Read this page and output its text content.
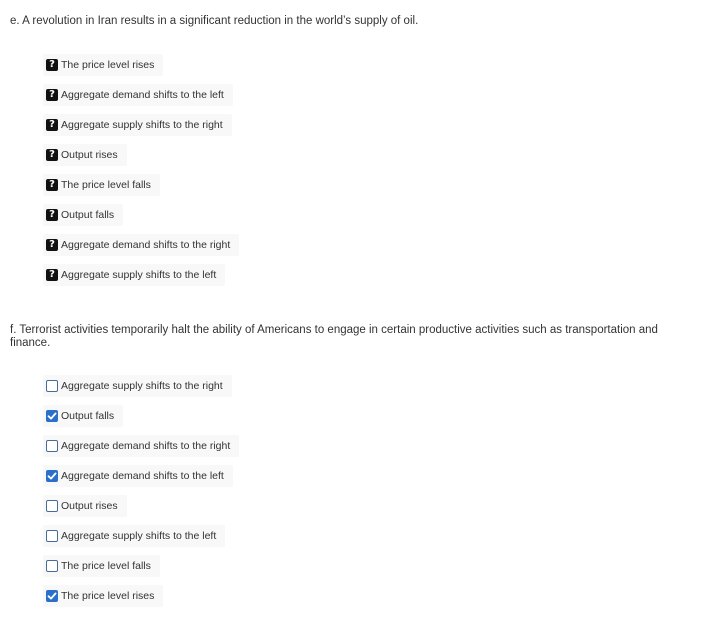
e. A revolution in Iran results in a significant reduction in the world’s supply of oil.
? The price level rises
? Aggregate demand shifts to the left
? Aggregate supply shifts to the right
? Output rises
? The price level falls
? Output falls
? Aggregate demand shifts to the right
? Aggregate supply shifts to the left
f. Terrorist activities temporarily halt the ability of Americans to engage in certain productive activities such as transportation and finance.
Aggregate supply shifts to the right
Output falls
Aggregate demand shifts to the right
Aggregate demand shifts to the left
Output rises
Aggregate supply shifts to the left
The price level falls
The price level rises
